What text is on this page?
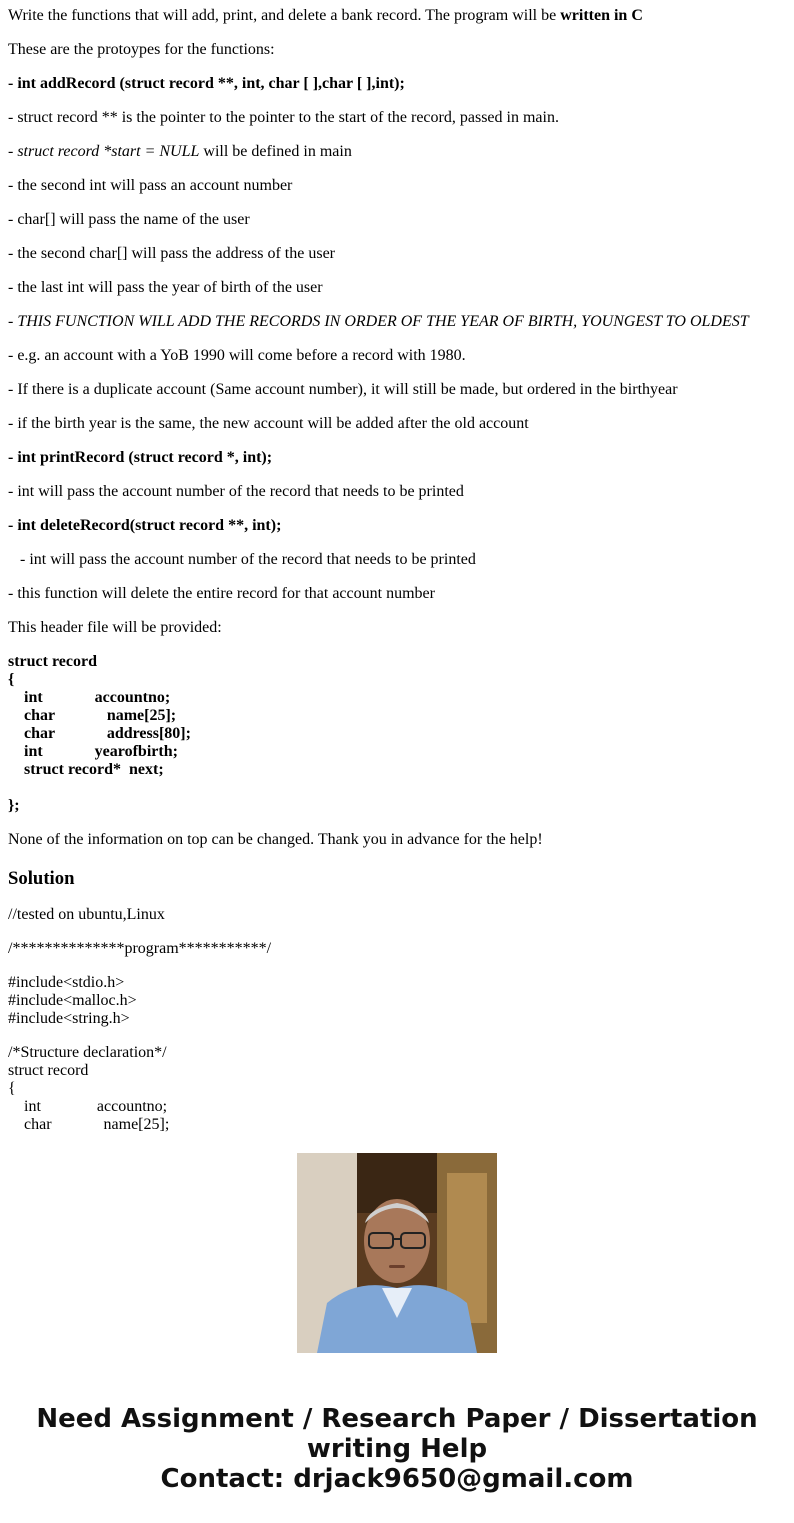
Write the functions that will add, print, and delete a bank record. The program will be written in C

These are the protoypes for the functions:

- int addRecord (struct record **, int, char [ ],char [ ],int);

- struct record ** is the pointer to the pointer to the start of the record, passed in main.

- struct record *start = NULL will be defined in main

- the second int will pass an account number

- char[] will pass the name of the user

- the second char[] will pass the address of the user

- the last int will pass the year of birth of the user

- THIS FUNCTION WILL ADD THE RECORDS IN ORDER OF THE YEAR OF BIRTH, YOUNGEST TO OLDEST

- e.g. an account with a YoB 1990 will come before a record with 1980.

- If there is a duplicate account (Same account number), it will still be made, but ordered in the birthyear

- if the birth year is the same, the new account will be added after the old account

- int printRecord (struct record *, int);

- int will pass the account number of the record that needs to be printed

- int deleteRecord(struct record **, int);

- int will pass the account number of the record that needs to be printed

- this function will delete the entire record for that account number

This header file will be provided:

struct record

{

int             accountno;

char             name[25];

char             address[80];

int             yearofbirth;

struct record*  next;

};

None of the information on top can be changed. Thank you in advance for the help!

Solution

//tested on ubuntu,Linux

/**************program***********/

#include<stdio.h>

#include<malloc.h>

#include<string.h>

/*Structure declaration*/

struct record

{

int              accountno;

char             name[25];

Need Assignment / Research Paper / Dissertation
writing Help
Contact: drjack9650@gmail.com
